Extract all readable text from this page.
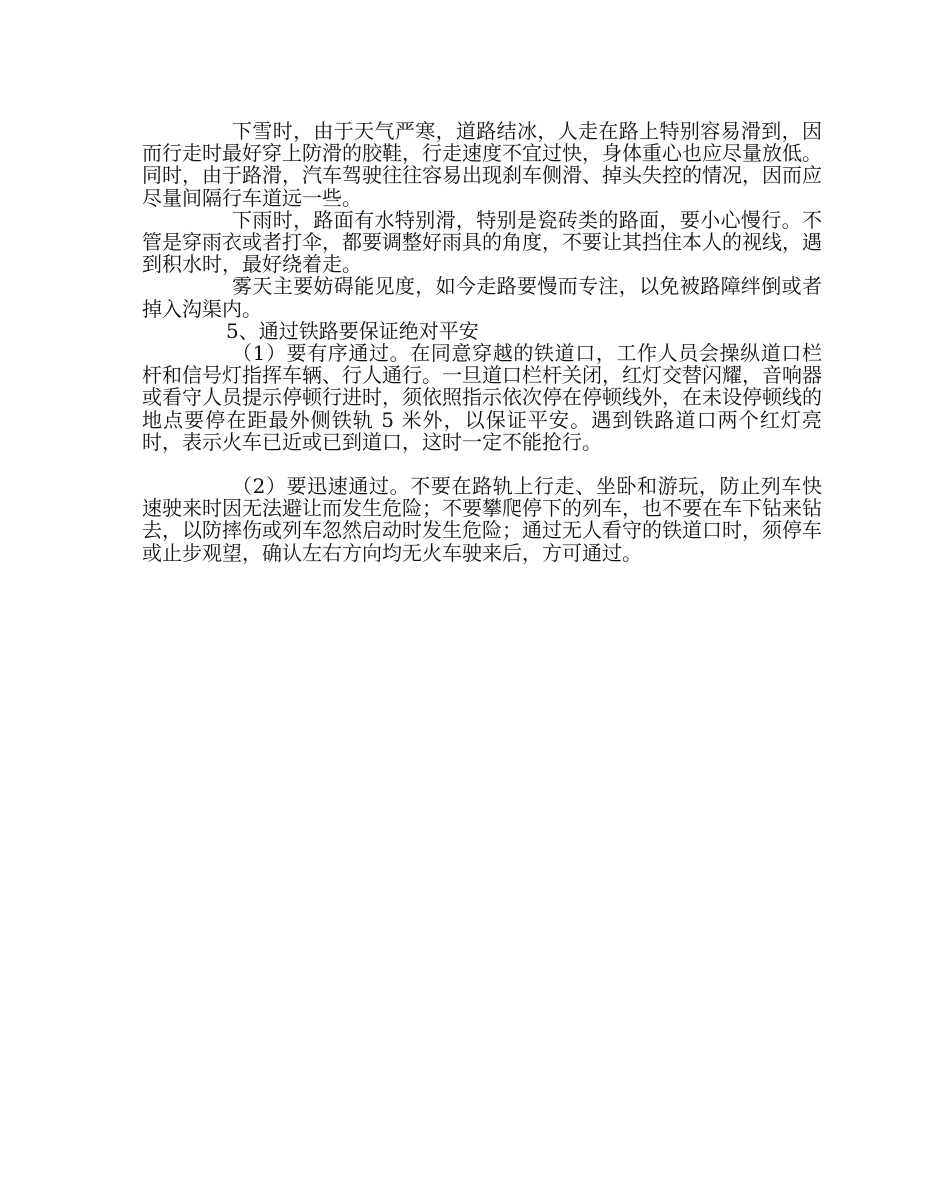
下雪时，由于天气严寒，道路结冰，人走在路上特别容易滑到，因而行走时最好穿上防滑的胶鞋，行走速度不宜过快，身体重心也应尽量放低。同时，由于路滑，汽车驾驶往往容易出现刹车侧滑、掉头失控的情况，因而应尽量间隔行车道远一些。

下雨时，路面有水特别滑，特别是瓷砖类的路面，要小心慢行。不管是穿雨衣或者打伞，都要调整好雨具的角度，不要让其挡住本人的视线，遇到积水时，最好绕着走。

雾天主要妨碍能见度，如今走路要慢而专注，以免被路障绊倒或者掉入沟渠内。

5、通过铁路要保证绝对平安

（1）要有序通过。在同意穿越的铁道口，工作人员会操纵道口栏杆和信号灯指挥车辆、行人通行。一旦道口栏杆关闭，红灯交替闪耀，音响器或看守人员提示停顿行进时，须依照指示依次停在停顿线外，在未设停顿线的地点要停在距最外侧铁轨 5 米外，以保证平安。遇到铁路道口两个红灯亮时，表示火车已近或已到道口，这时一定不能抢行。

（2）要迅速通过。不要在路轨上行走、坐卧和游玩，防止列车快速驶来时因无法避让而发生危险；不要攀爬停下的列车，也不要在车下钻来钻去，以防摔伤或列车忽然启动时发生危险；通过无人看守的铁道口时，须停车或止步观望，确认左右方向均无火车驶来后，方可通过。
